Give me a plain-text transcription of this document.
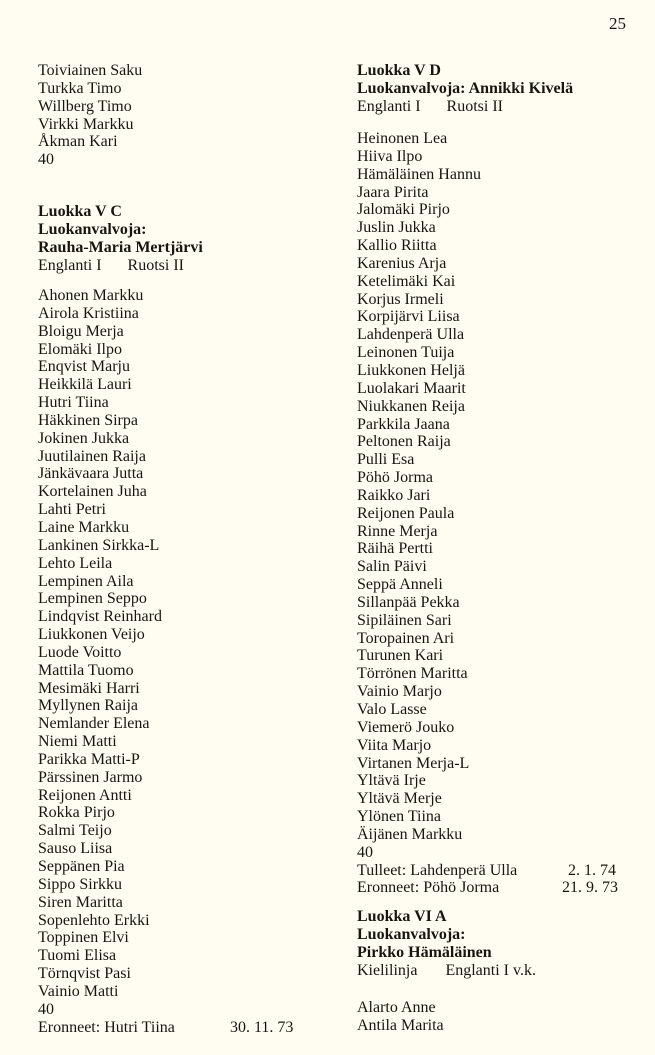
25
Toiviainen Saku
Turkka Timo
Willberg Timo
Virkki Markku
Åkman Kari
40
Luokka V C
Luokanvalvoja:
Rauha-Maria Mertjärvi
Englanti I Ruotsi II
Ahonen Markku
Airola Kristiina
Bloigu Merja
Elomäki Ilpo
Enqvist Marju
Heikkilä Lauri
Hutri Tiina
Häkkinen Sirpa
Jokinen Jukka
Juutilainen Raija
Jänkävaara Jutta
Kortelainen Juha
Lahti Petri
Laine Markku
Lankinen Sirkka-L
Lehto Leila
Lempinen Aila
Lempinen Seppo
Lindqvist Reinhard
Liukkonen Veijo
Luode Voitto
Mattila Tuomo
Mesimäki Harri
Myllynen Raija
Nemlander Elena
Niemi Matti
Parikka Matti-P
Pärssinen Jarmo
Reijonen Antti
Rokka Pirjo
Salmi Teijo
Sauso Liisa
Seppänen Pia
Sippo Sirkku
Siren Maritta
Sopenlehto Erkki
Toppinen Elvi
Tuomi Elisa
Törnqvist Pasi
Vainio Matti
40
Eronneet: Hutri Tiina	30. 11. 73
Luokka V D
Luokanvalvoja: Annikki Kivelä
Englanti I Ruotsi II
Heinonen Lea
Hiiva Ilpo
Hämäläinen Hannu
Jaara Pirita
Jalomäki Pirjo
Juslin Jukka
Kallio Riitta
Karenius Arja
Ketelimäki Kai
Korjus Irmeli
Korpijärvi Liisa
Lahdenperä Ulla
Leinonen Tuija
Liukkonen Heljä
Luolakari Maarit
Niukkanen Reija
Parkkila Jaana
Peltonen Raija
Pulli Esa
Pöhö Jorma
Raikko Jari
Reijonen Paula
Rinne Merja
Räihä Pertti
Salin Päivi
Seppä Anneli
Sillanpää Pekka
Sipiläinen Sari
Toropainen Ari
Turunen Kari
Törrönen Maritta
Vainio Marjo
Valo Lasse
Viemerö Jouko
Viita Marjo
Virtanen Merja-L
Yltävä Irje
Yltävä Merje
Ylönen Tiina
Äijänen Markku
40
Tulleet: Lahdenperä Ulla	2. 1. 74
Eronneet: Pöhö Jorma	21. 9. 73
Luokka VI A
Luokanvalvoja:
Pirkko Hämäläinen
Kielilinja Englanti I v.k.
Alarto Anne
Antila Marita
